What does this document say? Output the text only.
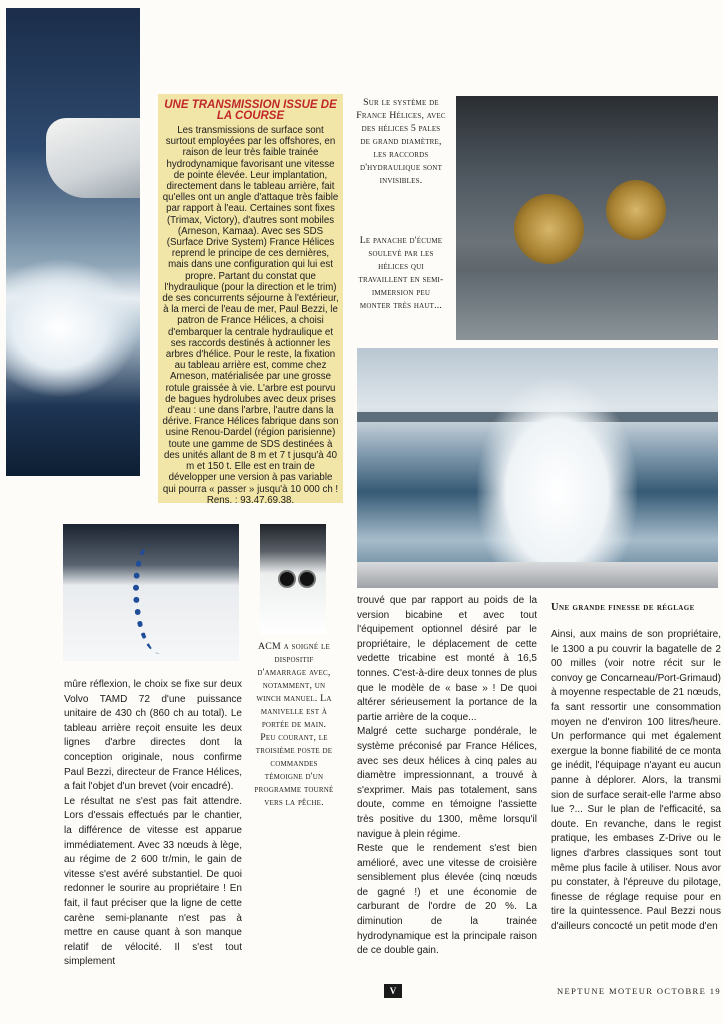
UNE TRANSMISSION ISSUE DE LA COURSE
Les transmissions de surface sont surtout employées par les offshores, en raison de leur très faible trainée hydrodynamique favorisant une vitesse de pointe élevée. Leur implantation, directement dans le tableau arrière, fait qu'elles ont un angle d'attaque très faible par rapport à l'eau. Certaines sont fixes (Trimax, Victory), d'autres sont mobiles (Arneson, Kamaa). Avec ses SDS (Surface Drive System) France Hélices reprend le principe de ces dernières, mais dans une configuration qui lui est propre. Partant du constat que l'hydraulique (pour la direction et le trim) de ses concurrents séjourne à l'extérieur, à la merci de l'eau de mer, Paul Bezzi, le patron de France Hélices, a choisi d'embarquer la centrale hydraulique et ses raccords destinés à actionner les arbres d'hélice. Pour le reste, la fixation au tableau arrière est, comme chez Arneson, matérialisée par une grosse rotule graissée à vie. L'arbre est pourvu de bagues hydrolubes avec deux prises d'eau : une dans l'arbre, l'autre dans la dérive. France Hélices fabrique dans son usine Renou-Dardel (région parisienne) toute une gamme de SDS destinées à des unités allant de 8 m et 7 t jusqu'à 40 m et 150 t. Elle est en train de développer une version à pas variable qui pourra « passer » jusqu'à 10 000 ch ! Rens. : 93.47.69.38.
Sur le système de France Hélices, avec des hélices 5 pales de grand diamètre, les raccords d'hydraulique sont invisibles.
Le panache d'écume soulevé par les hélices qui travaillent en semi-immersion peu monter très haut...
ACM a soigné le dispositif d'amarrage avec, notamment, un winch manuel. La manivelle est à portée de main. Peu courant, le troisième poste de commandes témoigne d'un programme tourné vers la pêche.

mûre réflexion, le choix se fixe sur deux Volvo TAMD 72 d'une puissance unitaire de 430 ch (860 ch au total). Le tableau arrière reçoit ensuite les deux lignes d'arbre directes dont la conception originale, nous confirme Paul Bezzi, directeur de France Hélices, a fait l'objet d'un brevet (voir encadré).

Le résultat ne s'est pas fait attendre. Lors d'essais effectués par le chantier, la différence de vitesse est apparue immédiatement. Avec 33 nœuds à lège, au régime de 2 600 tr/min, le gain de vitesse s'est avéré substantiel. De quoi redonner le sourire au propriétaire ! En fait, il faut préciser que la ligne de cette carène semi-planante n'est pas à mettre en cause quant à son manque relatif de vélocité. Il s'est tout simplement

trouvé que par rapport au poids de la version bicabine et avec tout l'équipement optionnel désiré par le propriétaire, le déplacement de cette vedette tricabine est monté à 16,5 tonnes. C'est-à-dire deux tonnes de plus que le modèle de « base » ! De quoi altérer sérieusement la portance de la partie arrière de la coque...

Malgré cette sucharge pondérale, le système préconisé par France Hélices, avec ses deux hélices à cinq pales au diamètre impressionnant, a trouvé à s'exprimer. Mais pas totalement, sans doute, comme en témoigne l'assiette très positive du 1300, même lorsqu'il navigue à plein régime.

Reste que le rendement s'est bien amélioré, avec une vitesse de croisière sensiblement plus élevée (cinq nœuds de gagné !) et une économie de carburant de l'ordre de 20 %. La diminution de la trainée hydrodynamique est la principale raison de ce double gain.

Une grande finesse de réglage

Ainsi, aux mains de son propriétaire, le 1300 a pu couvrir la bagatelle de 2 00 milles (voir notre récit sur le convoy ge Concarneau/Port-Grimaud) à moyenne respectable de 21 nœuds, fa sant ressortir une consommation moyen ne d'environ 100 litres/heure. Un performance qui met également exergue la bonne fiabilité de ce monta ge inédit, l'équipage n'ayant eu aucun panne à déplorer. Alors, la transmi sion de surface serait-elle l'arme abso lue ?... Sur le plan de l'efficacité, sa doute. En revanche, dans le regist pratique, les embases Z-Drive ou le lignes d'arbres classiques sont tout même plus facile à utiliser. Nous avor pu constater, à l'épreuve du pilotage, finesse de réglage requise pour en tire la quintessence. Paul Bezzi nous d'ailleurs concocté un petit mode d'en

V	NEPTUNE MOTEUR OCTOBRE 19
